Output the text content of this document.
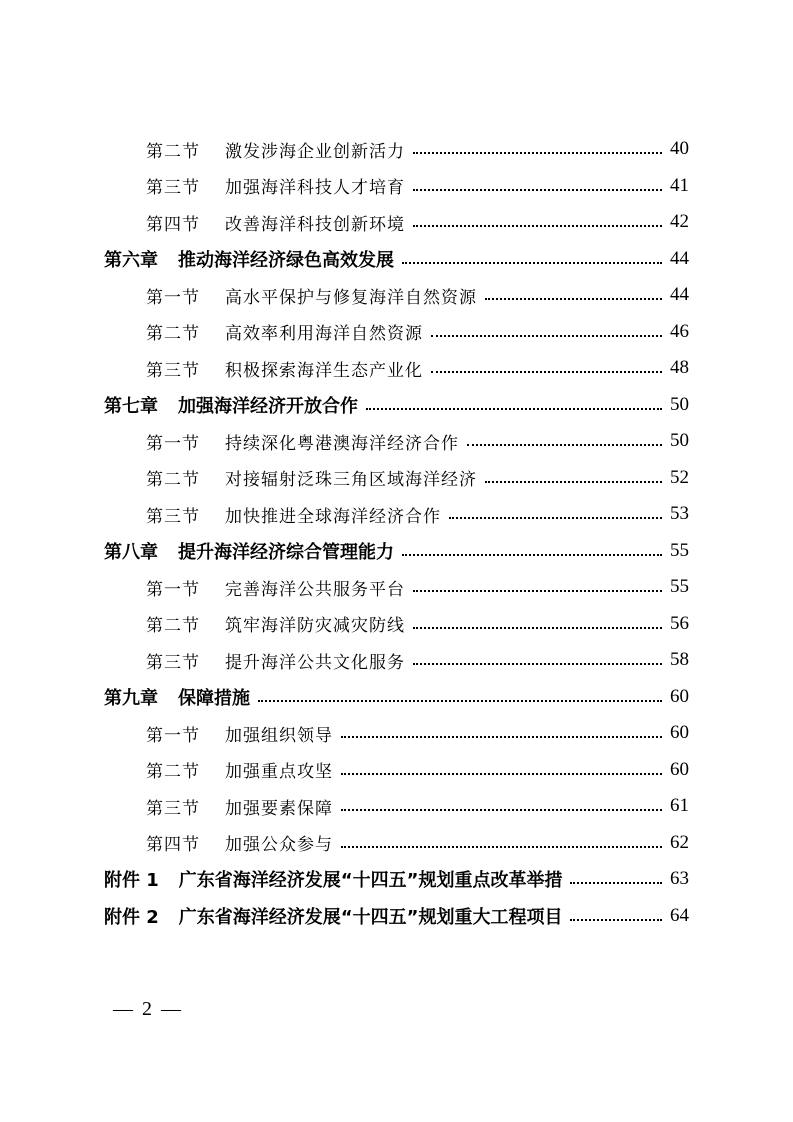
第二节 激发涉海企业创新活力	40
第三节 加强海洋科技人才培育	41
第四节 改善海洋科技创新环境	42
第六章 推动海洋经济绿色高效发展	44
第一节 高水平保护与修复海洋自然资源	44
第二节 高效率利用海洋自然资源	46
第三节 积极探索海洋生态产业化	48
第七章 加强海洋经济开放合作	50
第一节 持续深化粤港澳海洋经济合作	50
第二节 对接辐射泛珠三角区域海洋经济	52
第三节 加快推进全球海洋经济合作	53
第八章 提升海洋经济综合管理能力	55
第一节 完善海洋公共服务平台	55
第二节 筑牢海洋防灾减灾防线	56
第三节 提升海洋公共文化服务	58
第九章 保障措施	60
第一节 加强组织领导	60
第二节 加强重点攻坚	60
第三节 加强要素保障	61
第四节 加强公众参与	62
附件 1 广东省海洋经济发展“十四五”规划重点改革举措	63
附件 2 广东省海洋经济发展“十四五”规划重大工程项目	64
— 2 —
